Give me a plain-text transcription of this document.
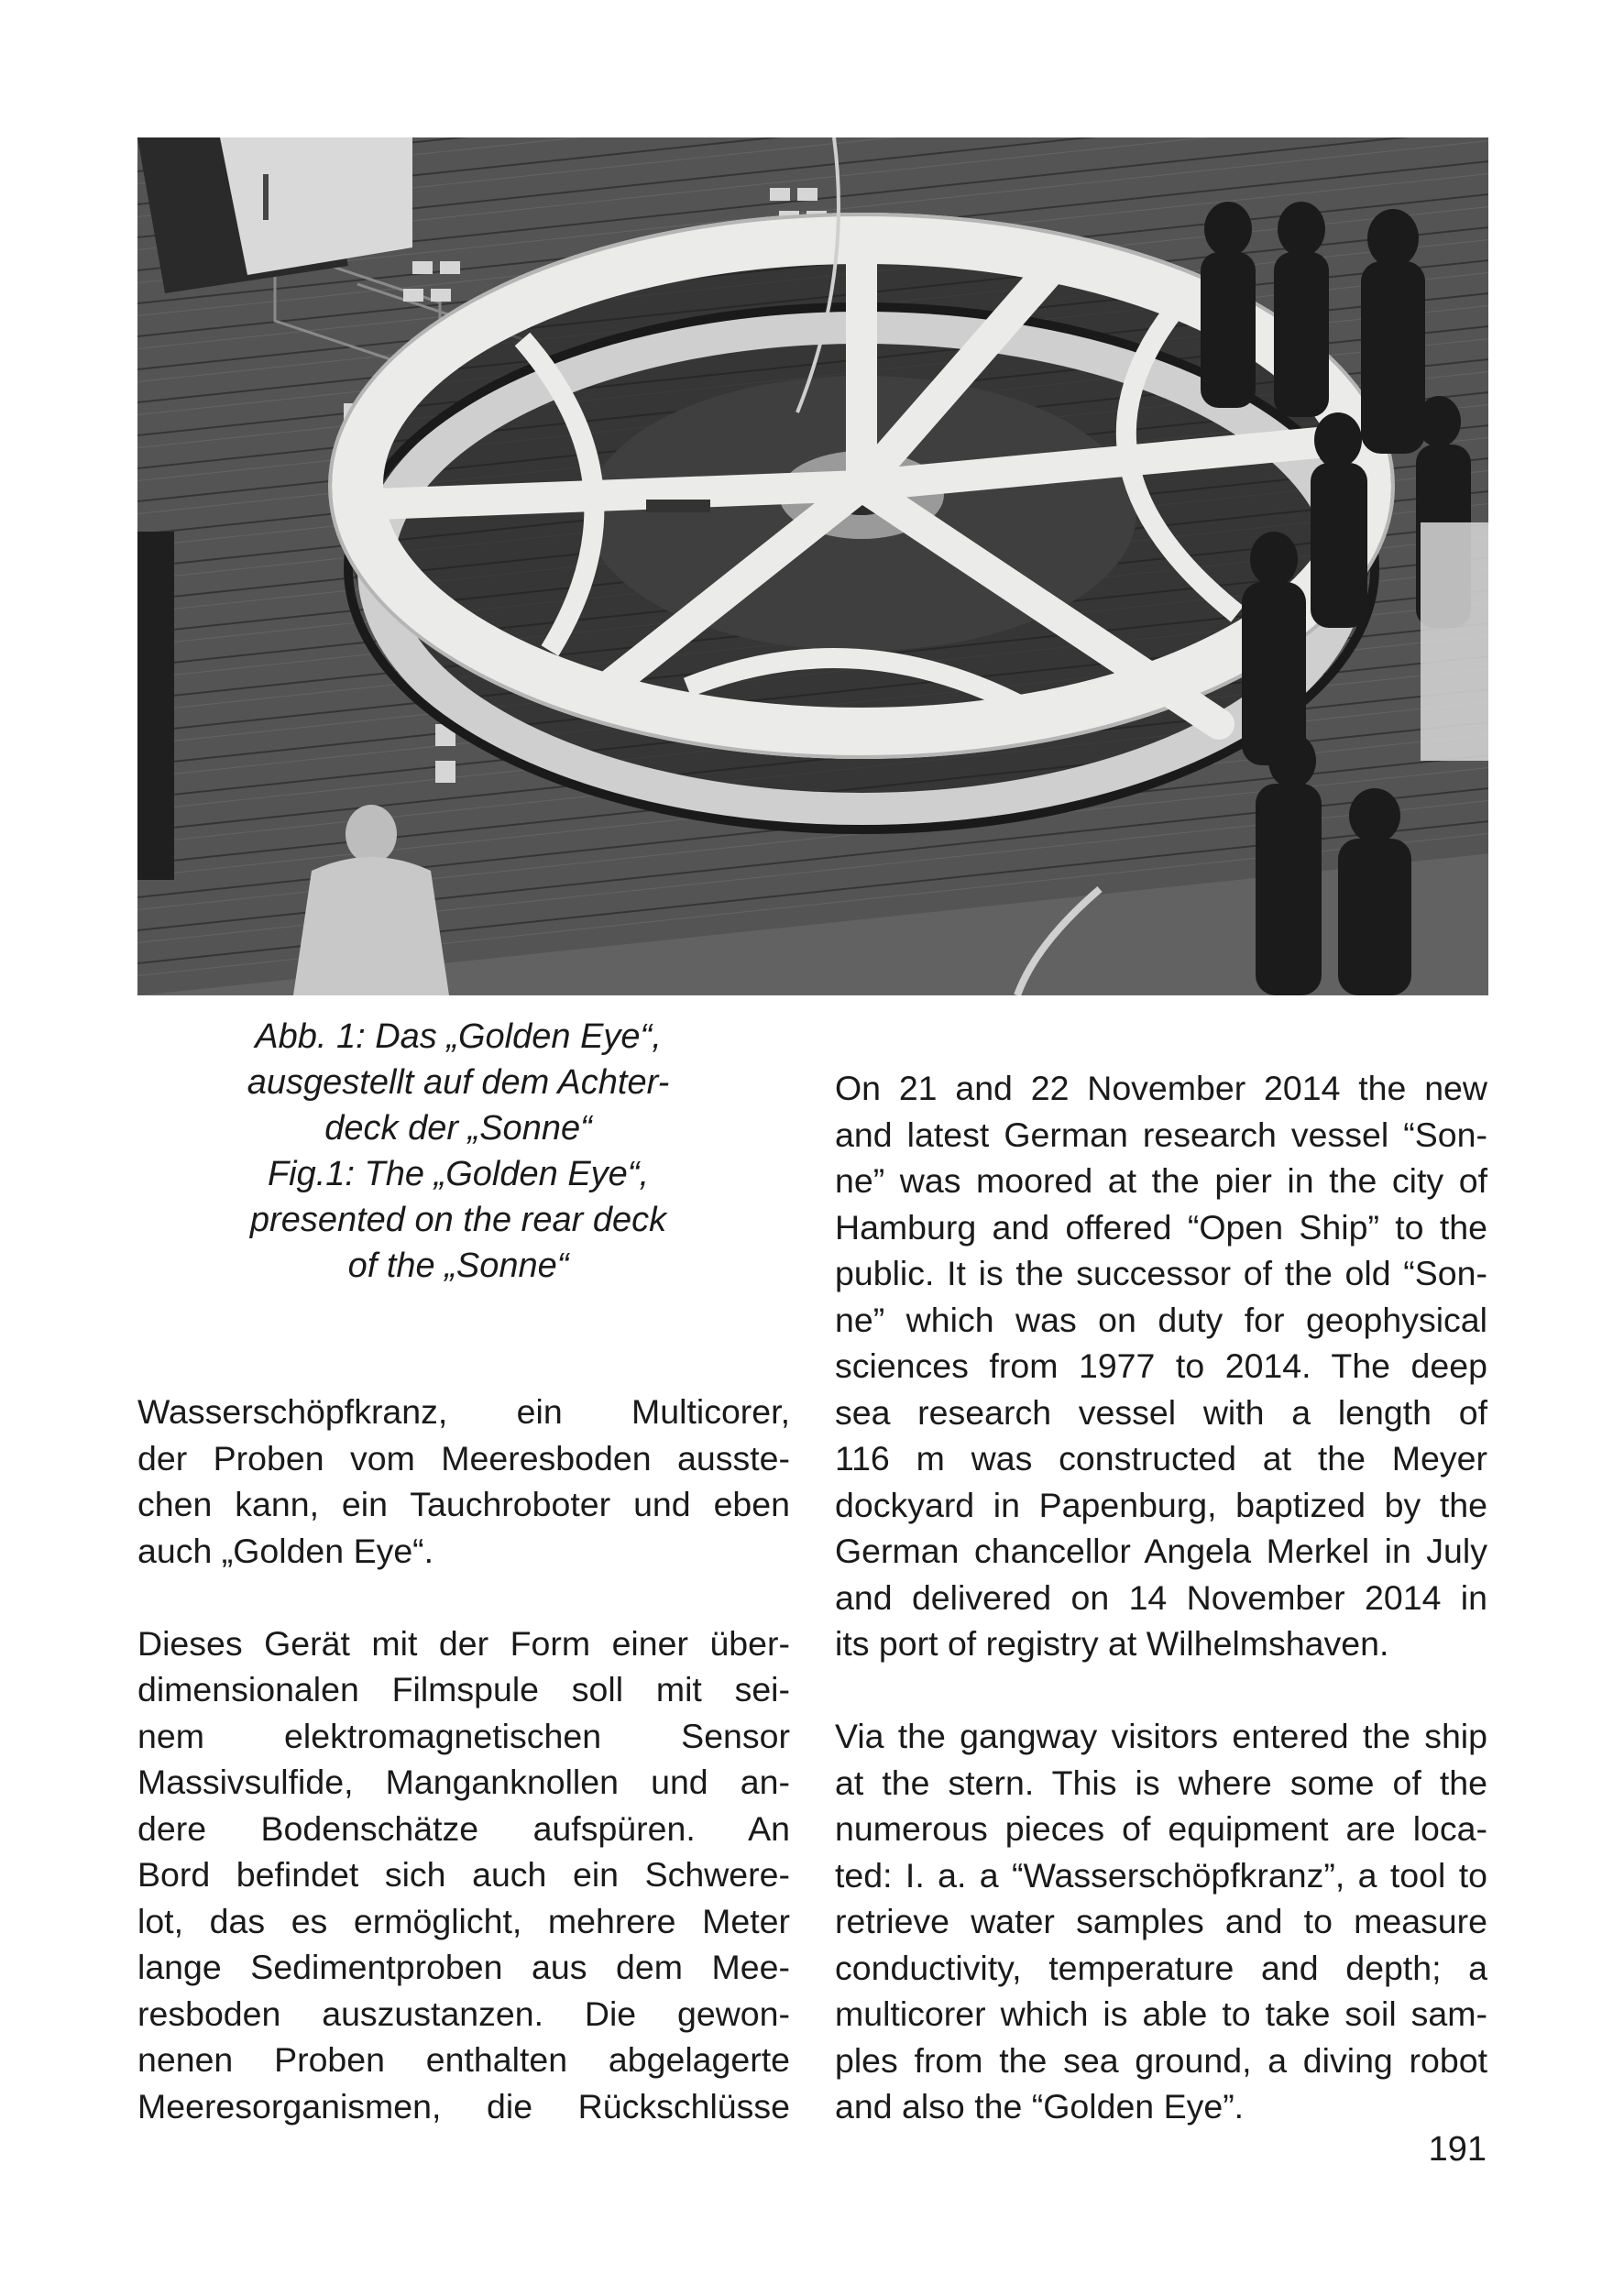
Abb. 1: Das „Golden Eye“,
ausgestellt auf dem Achter-
deck der „Sonne“
Fig.1: The „Golden Eye“,
presented on the rear deck
of the „Sonne“
Wasserschöpfkranz, ein Multicorer,
der Proben vom Meeresboden ausste-
chen kann, ein Tauchroboter und eben
auch „Golden Eye“.
Dieses Gerät mit der Form einer über-
dimensionalen Filmspule soll mit sei-
nem elektromagnetischen Sensor
Massivsulfide, Manganknollen und an-
dere Bodenschätze aufspüren. An
Bord befindet sich auch ein Schwere-
lot, das es ermöglicht, mehrere Meter
lange Sedimentproben aus dem Mee-
resboden auszustanzen. Die gewon-
nenen Proben enthalten abgelagerte
Meeresorganismen, die Rückschlüsse
On 21 and 22 November 2014 the new
and latest German research vessel “Son-
ne” was moored at the pier in the city of
Hamburg and offered “Open Ship” to the
public. It is the successor of the old “Son-
ne” which was on duty for geophysical
sciences from 1977 to 2014. The deep
sea research vessel with a length of
116 m was constructed at the Meyer
dockyard in Papenburg, baptized by the
German chancellor Angela Merkel in July
and delivered on 14 November 2014 in
its port of registry at Wilhelmshaven.
Via the gangway visitors entered the ship
at the stern. This is where some of the
numerous pieces of equipment are loca-
ted: I. a. a “Wasserschöpfkranz”, a tool to
retrieve water samples and to measure
conductivity, temperature and depth; a
multicorer which is able to take soil sam-
ples from the sea ground, a diving robot
and also the “Golden Eye”.
191
